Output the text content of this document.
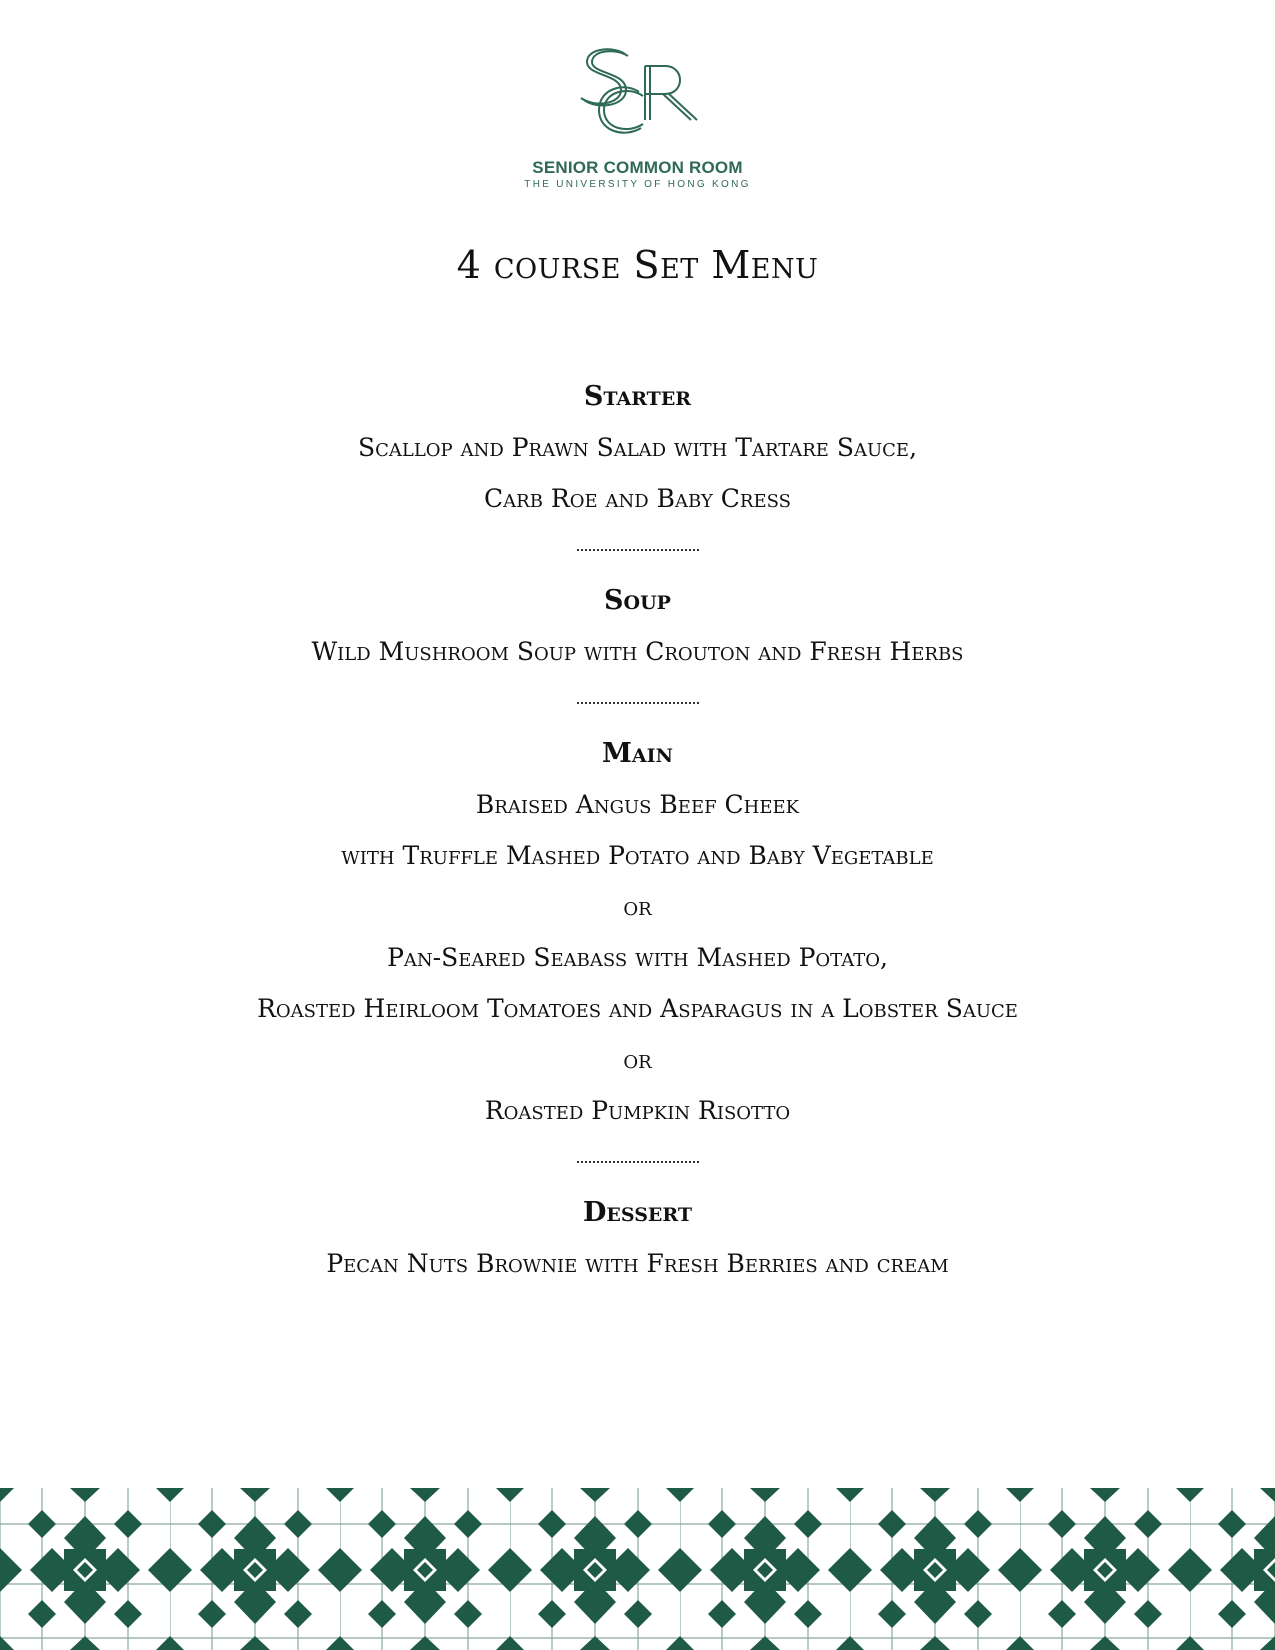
SENIOR COMMON ROOM
THE UNIVERSITY OF HONG KONG
4 course Set Menu
Starter
Scallop and Prawn Salad with Tartare Sauce,
Carb Roe and Baby Cress
Soup
Wild Mushroom Soup with Crouton and Fresh Herbs
Main
Braised Angus Beef Cheek
with Truffle Mashed Potato and Baby Vegetable
or
Pan-Seared Seabass with Mashed Potato,
Roasted Heirloom Tomatoes and Asparagus in a Lobster Sauce
or
Roasted Pumpkin Risotto
Dessert
Pecan Nuts Brownie with Fresh Berries and cream
